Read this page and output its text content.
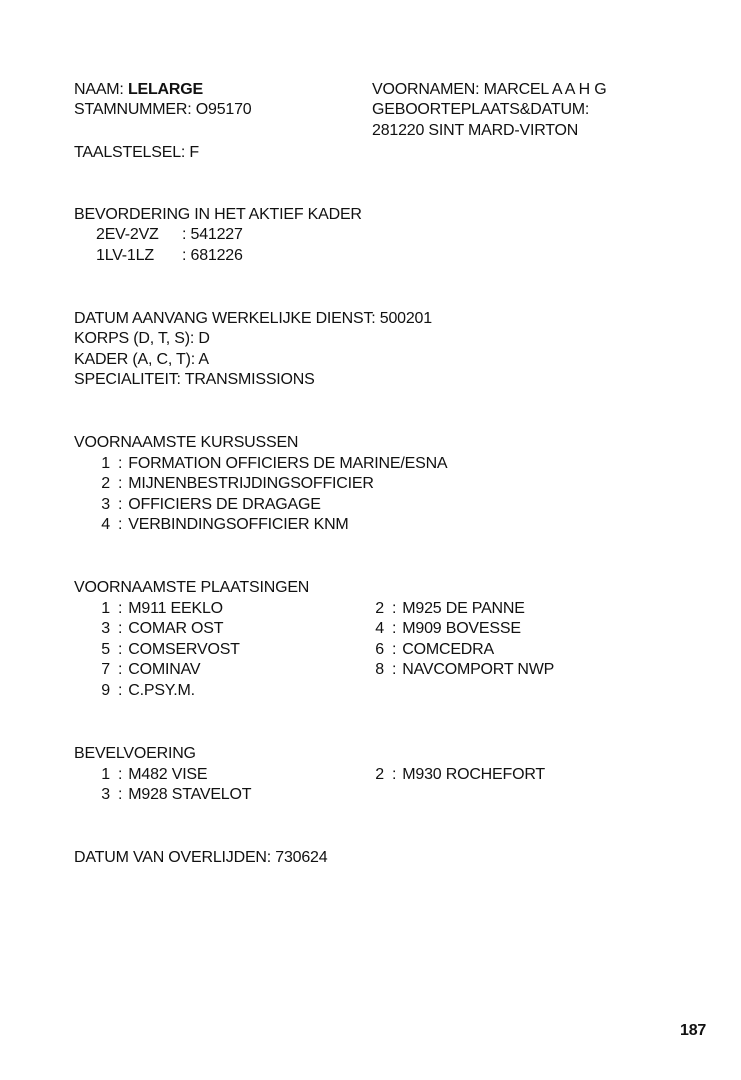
NAAM: LELARGE
STAMNUMMER: O95170
TAALSTELSEL: F
VOORNAMEN: MARCEL A A H G
GEBOORTEPLAATS&DATUM:
281220 SINT MARD-VIRTON
BEVORDERING IN HET AKTIEF KADER
2EV-2VZ : 541227
1LV-1LZ : 681226
DATUM AANVANG WERKELIJKE DIENST: 500201
KORPS (D, T, S): D
KADER (A, C, T): A
SPECIALITEIT: TRANSMISSIONS
VOORNAAMSTE KURSUSSEN
1 : FORMATION OFFICIERS DE MARINE/ESNA
2 : MIJNENBESTRIJDINGSOFFICIER
3 : OFFICIERS DE DRAGAGE
4 : VERBINDINGSOFFICIER KNM
VOORNAAMSTE PLAATSINGEN
1 : M911 EEKLO	2 : M925 DE PANNE
3 : COMAR OST	4 : M909 BOVESSE
5 : COMSERVOST	6 : COMCEDRA
7 : COMINAV	8 : NAVCOMPORT NWP
9 : C.PSY.M.
BEVELVOERING
1 : M482 VISE	2 : M930 ROCHEFORT
3 : M928 STAVELOT
DATUM VAN OVERLIJDEN: 730624
187
